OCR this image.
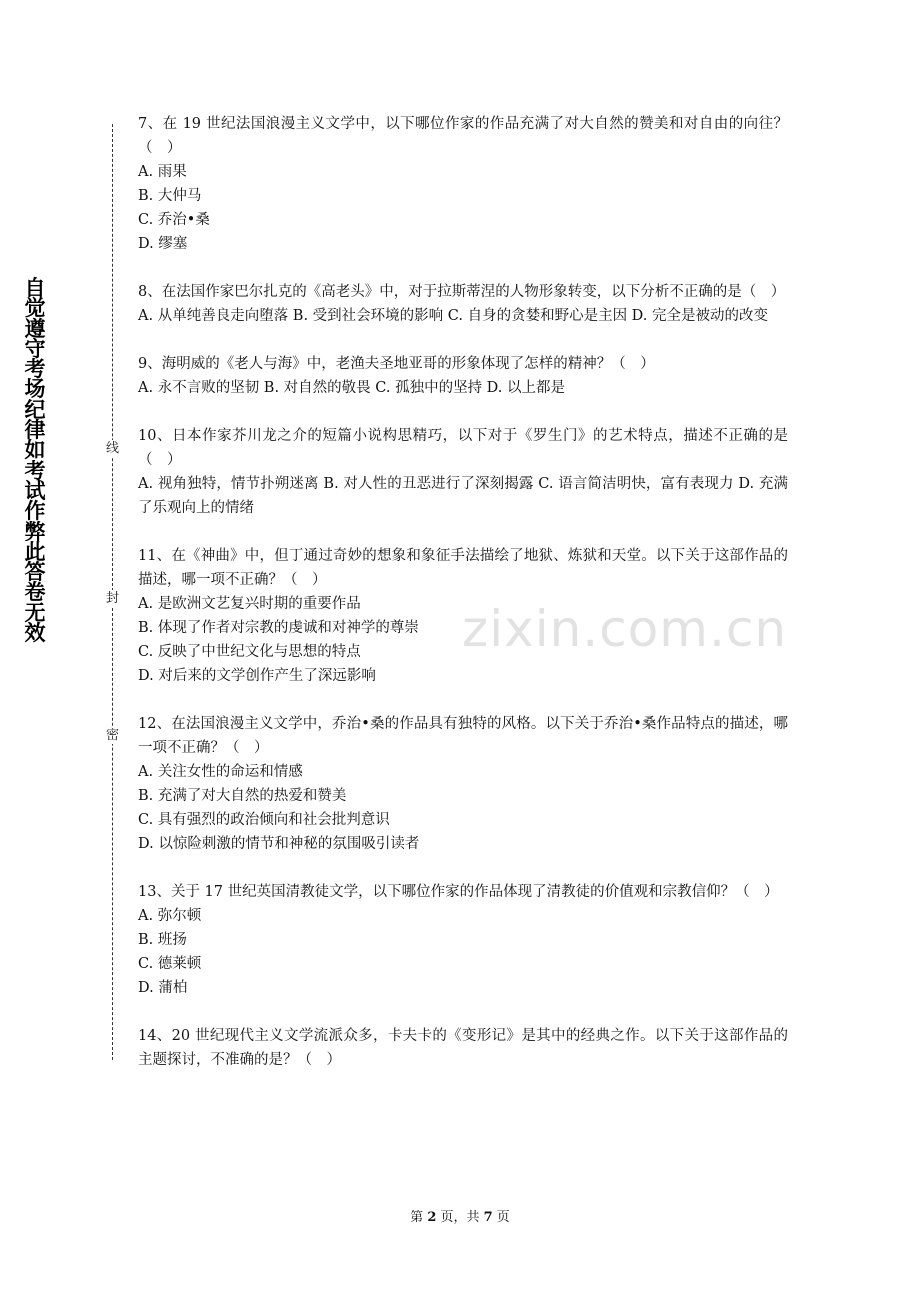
自觉遵守考场纪律如考试作弊此答卷无效
线
封
密
zixin.com.cn
7、在 19 世纪法国浪漫主义文学中，以下哪位作家的作品充满了对大自然的赞美和对自由的向往？（　）
A. 雨果
B. 大仲马
C. 乔治•桑
D. 缪塞
8、在法国作家巴尔扎克的《高老头》中，对于拉斯蒂涅的人物形象转变，以下分析不正确的是（　）
A. 从单纯善良走向堕落 B. 受到社会环境的影响 C. 自身的贪婪和野心是主因 D. 完全是被动的改变
9、海明威的《老人与海》中，老渔夫圣地亚哥的形象体现了怎样的精神？（　）
A. 永不言败的坚韧 B. 对自然的敬畏 C. 孤独中的坚持 D. 以上都是
10、日本作家芥川龙之介的短篇小说构思精巧，以下对于《罗生门》的艺术特点，描述不正确的是（　）
A. 视角独特，情节扑朔迷离 B. 对人性的丑恶进行了深刻揭露 C. 语言简洁明快，富有表现力 D. 充满了乐观向上的情绪
11、在《神曲》中，但丁通过奇妙的想象和象征手法描绘了地狱、炼狱和天堂。以下关于这部作品的描述，哪一项不正确？（　）
A. 是欧洲文艺复兴时期的重要作品
B. 体现了作者对宗教的虔诚和对神学的尊崇
C. 反映了中世纪文化与思想的特点
D. 对后来的文学创作产生了深远影响
12、在法国浪漫主义文学中，乔治•桑的作品具有独特的风格。以下关于乔治•桑作品特点的描述，哪一项不正确？（　）
A. 关注女性的命运和情感
B. 充满了对大自然的热爱和赞美
C. 具有强烈的政治倾向和社会批判意识
D. 以惊险刺激的情节和神秘的氛围吸引读者
13、关于 17 世纪英国清教徒文学，以下哪位作家的作品体现了清教徒的价值观和宗教信仰？（　）
A. 弥尔顿
B. 班扬
C. 德莱顿
D. 蒲柏
14、20 世纪现代主义文学流派众多，卡夫卡的《变形记》是其中的经典之作。以下关于这部作品的主题探讨，不准确的是？（　）
第 2 页，共 7 页
